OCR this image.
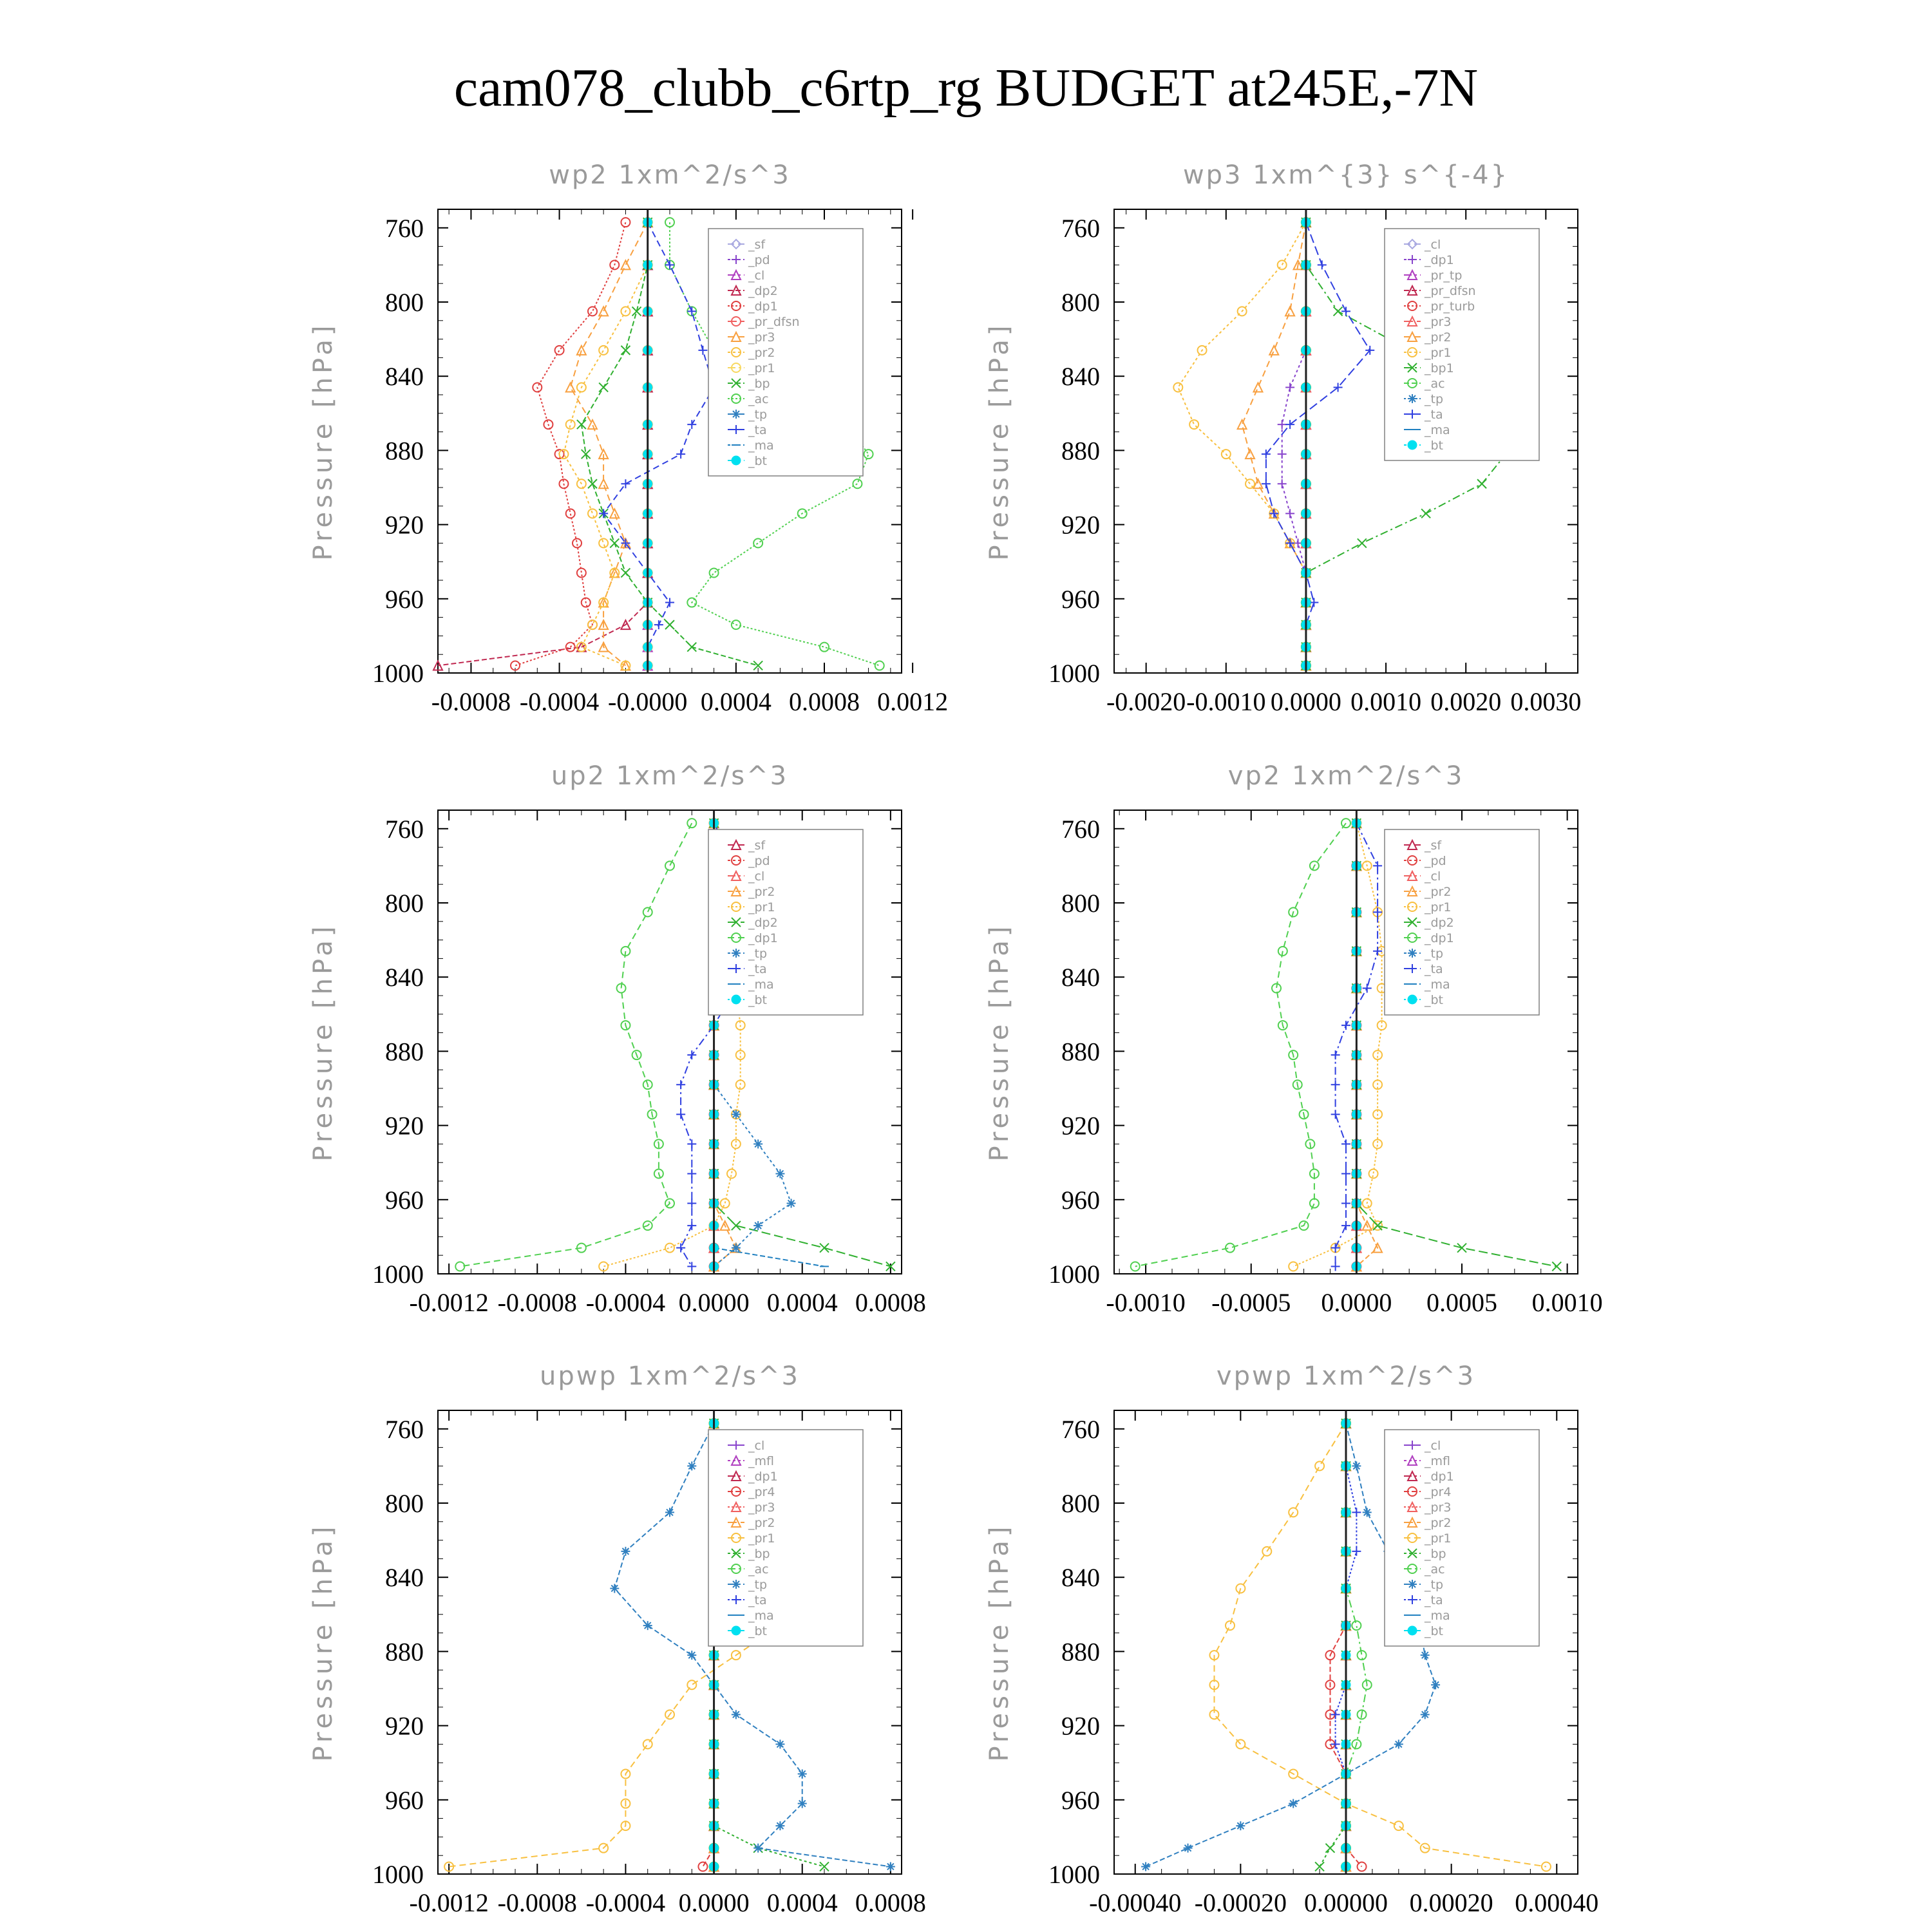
cam078_clubb_c6rtp_rg BUDGET at245E,-7N
wp2 1xm^2/s^3
Pressure [hPa]
760
800
840
880
920
960
1000
-0.0008 -0.0004 -0.0000 0.0004 0.0008 0.0012
_sf
_pd
_cl
_dp2
_dp1
_pr_dfsn
_pr3
_pr2
_pr1
_bp
_ac
_tp
_ta
_ma
_bt
wp3 1xm^{3} s^{-4}
Pressure [hPa]
760
800
840
880
920
960
1000
-0.0020 -0.0010 0.0000 0.0010 0.0020 0.0030
_cl
_dp1
_pr_tp
_pr_dfsn
_pr_turb
_pr3
_pr2
_pr1
_bp1
_ac
_tp
_ta
_ma
_bt
up2 1xm^2/s^3
Pressure [hPa]
760
800
840
880
920
960
1000
-0.0012 -0.0008 -0.0004 0.0000 0.0004 0.0008
_sf
_pd
_cl
_pr2
_pr1
_dp2
_dp1
_tp
_ta
_ma
_bt
vp2 1xm^2/s^3
Pressure [hPa]
760
800
840
880
920
960
1000
-0.0010 -0.0005 0.0000 0.0005 0.0010
_sf
_pd
_cl
_pr2
_pr1
_dp2
_dp1
_tp
_ta
_ma
_bt
upwp 1xm^2/s^3
Pressure [hPa]
760
800
840
880
920
960
1000
-0.0012 -0.0008 -0.0004 0.0000 0.0004 0.0008
_cl
_mfl
_dp1
_pr4
_pr3
_pr2
_pr1
_bp
_ac
_tp
_ta
_ma
_bt
vpwp 1xm^2/s^3
Pressure [hPa]
760
800
840
880
920
960
1000
-0.00040 -0.00020 0.00000 0.00020 0.00040
_cl
_mfl
_dp1
_pr4
_pr3
_pr2
_pr1
_bp
_ac
_tp
_ta
_ma
_bt
